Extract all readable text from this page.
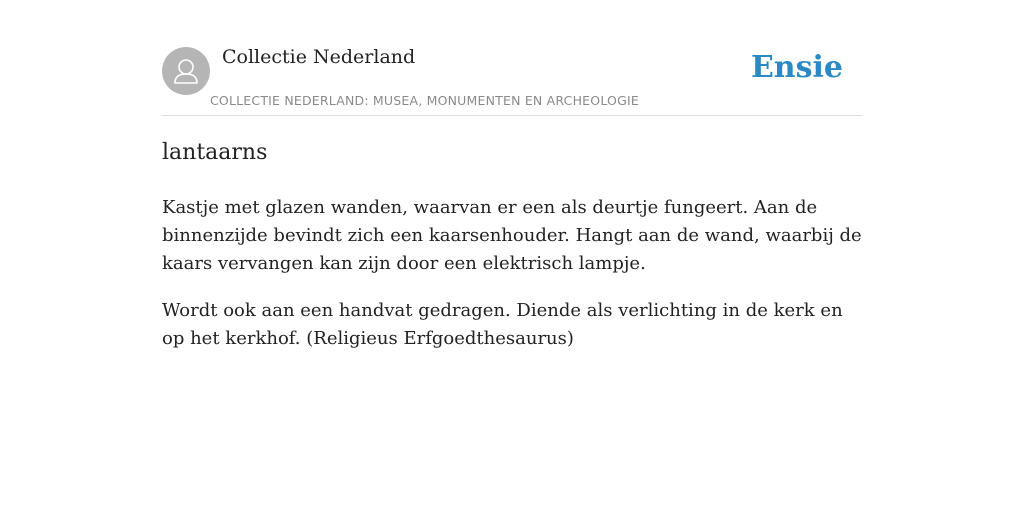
Collectie Nederland
COLLECTIE NEDERLAND: MUSEA, MONUMENTEN EN ARCHEOLOGIE
Ensie
lantaarns

Kastje met glazen wanden, waarvan er een als deurtje fungeert. Aan de binnenzijde bevindt zich een kaarsenhouder. Hangt aan de wand, waarbij de kaars vervangen kan zijn door een elektrisch lampje.

Wordt ook aan een handvat gedragen. Diende als verlichting in de kerk en op het kerkhof. (Religieus Erfgoedthesaurus)
